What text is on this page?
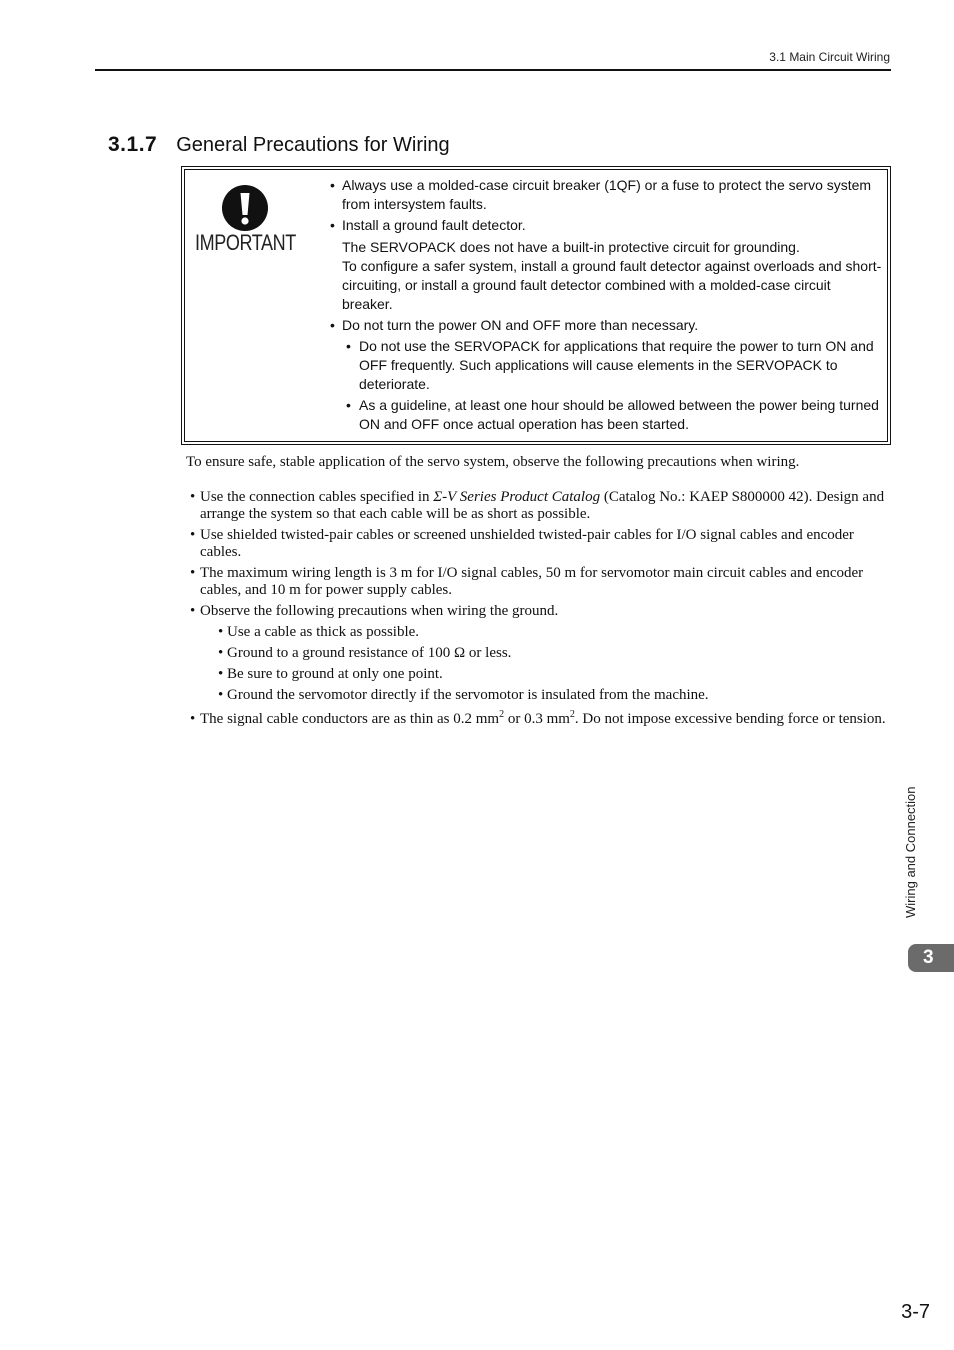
3.1 Main Circuit Wiring
3.1.7 General Precautions for Wiring
IMPORTANT
• Always use a molded-case circuit breaker (1QF) or a fuse to protect the servo system from intersystem faults.
• Install a ground fault detector.
The SERVOPACK does not have a built-in protective circuit for grounding.
To configure a safer system, install a ground fault detector against overloads and short-circuiting, or install a ground fault detector combined with a molded-case circuit breaker.
• Do not turn the power ON and OFF more than necessary.
• Do not use the SERVOPACK for applications that require the power to turn ON and OFF frequently. Such applications will cause elements in the SERVOPACK to deteriorate.
• As a guideline, at least one hour should be allowed between the power being turned ON and OFF once actual operation has been started.
To ensure safe, stable application of the servo system, observe the following precautions when wiring.
• Use the connection cables specified in Σ-V Series Product Catalog (Catalog No.: KAEP S800000 42). Design and arrange the system so that each cable will be as short as possible.
• Use shielded twisted-pair cables or screened unshielded twisted-pair cables for I/O signal cables and encoder cables.
• The maximum wiring length is 3 m for I/O signal cables, 50 m for servomotor main circuit cables and encoder cables, and 10 m for power supply cables.
• Observe the following precautions when wiring the ground.
• Use a cable as thick as possible.
• Ground to a ground resistance of 100 Ω or less.
• Be sure to ground at only one point.
• Ground the servomotor directly if the servomotor is insulated from the machine.
• The signal cable conductors are as thin as 0.2 $mm^2$ or 0.3 $mm^2$. Do not impose excessive bending force or tension.
Wiring and Connection
3
3-7
